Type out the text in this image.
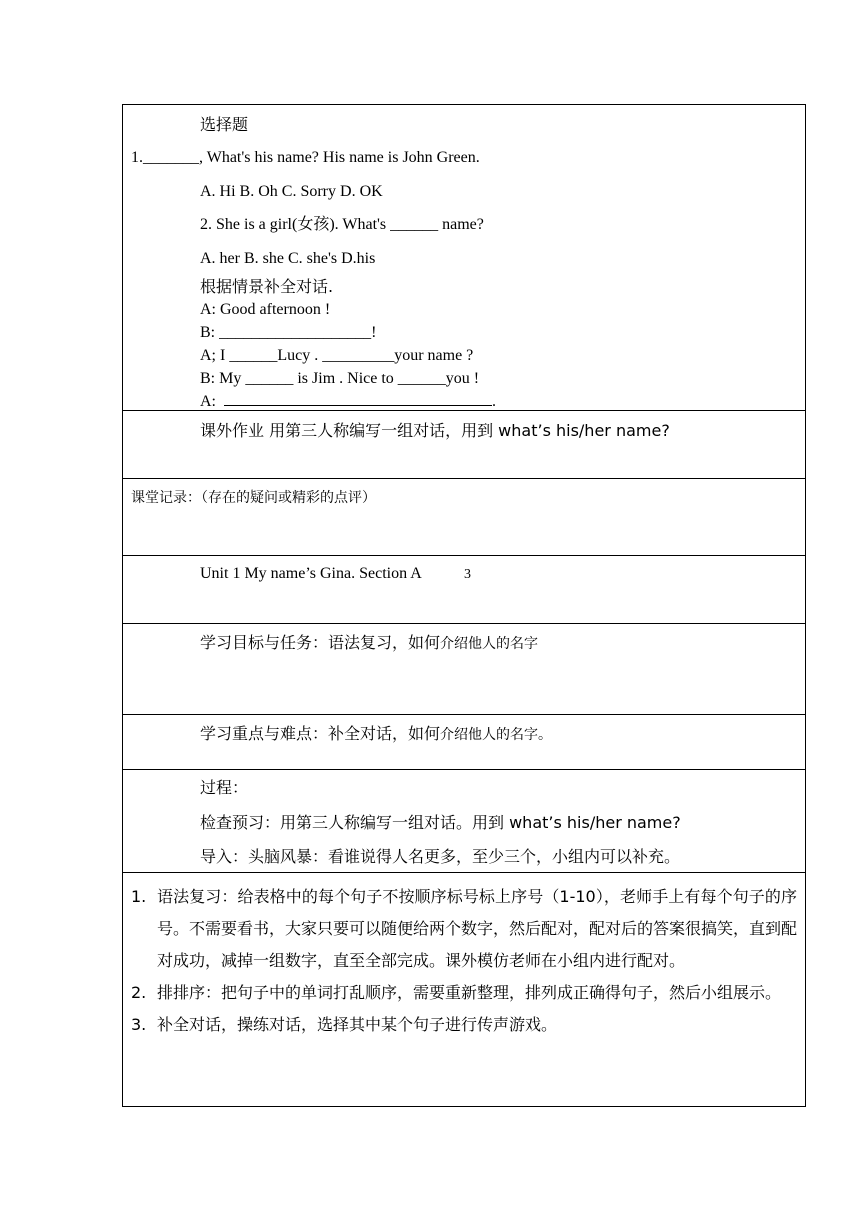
选择题
1._______, What's his name? His name is John Green.
A. Hi B. Oh C. Sorry D. OK
2. She is a girl(女孩). What's ______ name?
A. her B. she C. she's D.his
根据情景补全对话.
A: Good afternoon !
B: ___________________!
A; I ______Lucy . _________your name ?
B: My ______ is Jim . Nice to ______you !
A:	.
课外作业 用第三人称编写一组对话，用到 what’s his/her name?
课堂记录：（存在的疑问或精彩的点评）
Unit 1 My name’s Gina. Section A	3
学习目标与任务：语法复习，如何介绍他人的名字
学习重点与难点：补全对话，如何介绍他人的名字。
过程：
检查预习：用第三人称编写一组对话。用到 what’s his/her name?
导入：头脑风暴：看谁说得人名更多，至少三个，小组内可以补充。
1. 语法复习：给表格中的每个句子不按顺序标号标上序号（1-10），老师手上有每个句子的序号。不需要看书，大家只要可以随便给两个数字，然后配对，配对后的答案很搞笑，直到配对成功，减掉一组数字，直至全部完成。课外模仿老师在小组内进行配对。
2. 排排序：把句子中的单词打乱顺序，需要重新整理，排列成正确得句子，然后小组展示。
3. 补全对话，操练对话，选择其中某个句子进行传声游戏。
